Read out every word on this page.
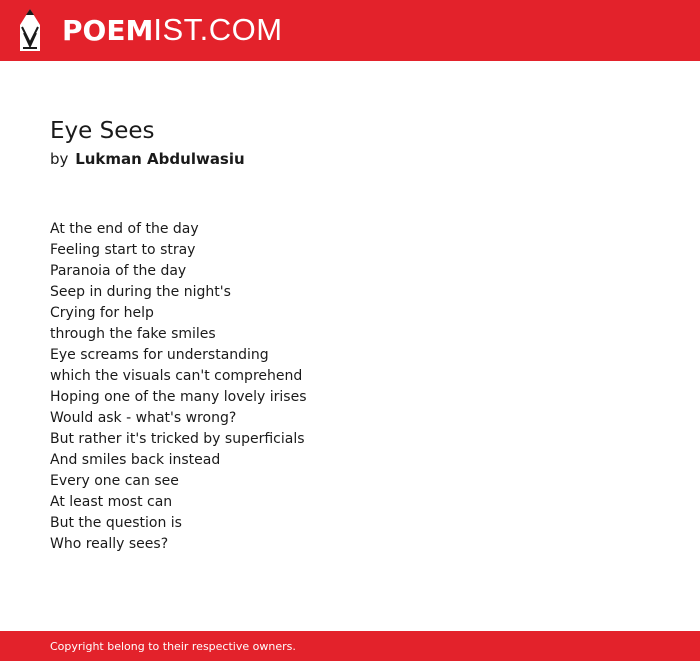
POEMIST.COM
Eye Sees
by Lukman Abdulwasiu
At the end of the day
Feeling start to stray
Paranoia of the day
Seep in during the night's
Crying for help
through the fake smiles
Eye screams for understanding
which the visuals can't comprehend
Hoping one of the many lovely irises
Would ask - what's wrong?
But rather it's tricked by superficials
And smiles back instead
Every one can see
At least most can
But the question is
Who really sees?
Copyright belong to their respective owners.
